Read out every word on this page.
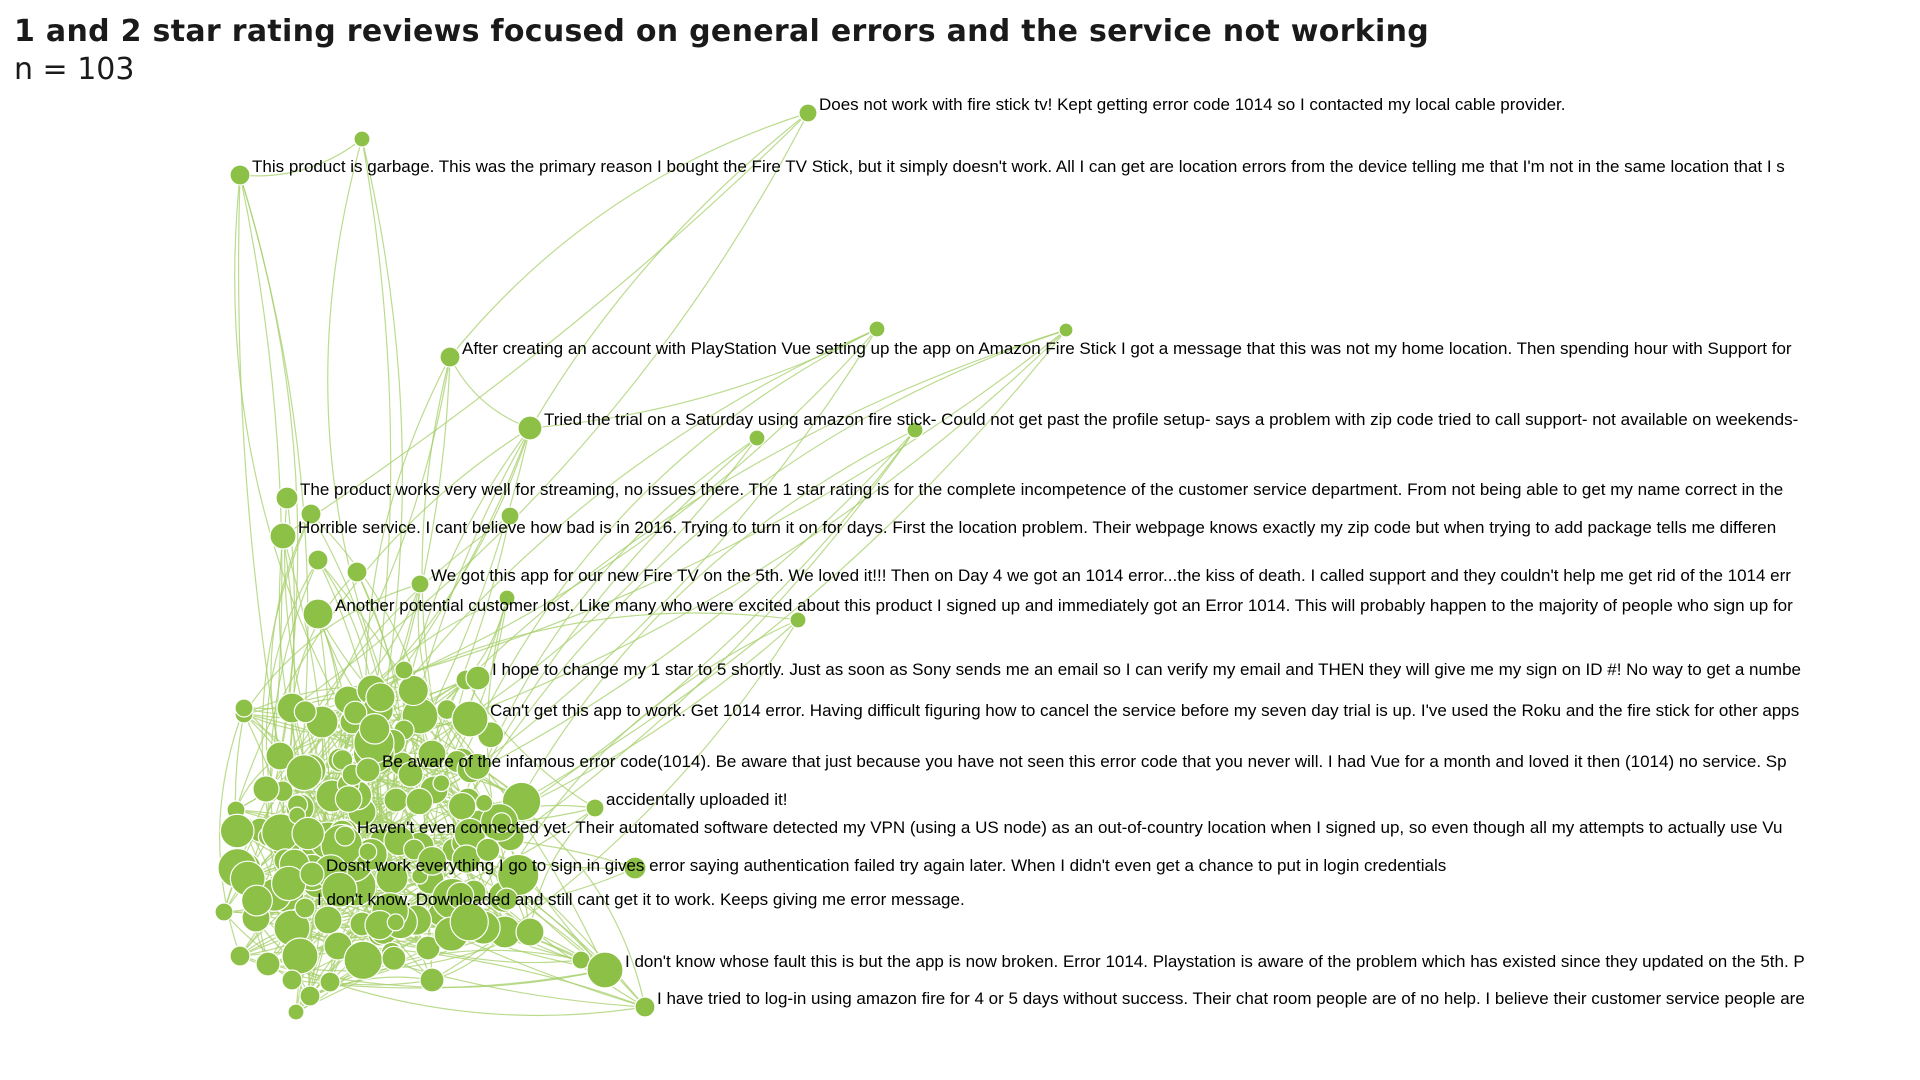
1 and 2 star rating reviews focused on general errors and the service not working
n = 103
Does not work with fire stick tv! Kept getting error code 1014 so I contacted my local cable provider.
This product is garbage. This was the primary reason I bought the Fire TV Stick, but it simply doesn't work. All I can get are location errors from the device telling me that I'm not in the same location that I s
After creating an account with PlayStation Vue setting up the app on Amazon Fire Stick I got a message that this was not my home location. Then spending hour with Support for
Tried the trial on a Saturday using amazon fire stick- Could not get past the profile setup- says a problem with zip code tried to call support- not available on weekends-
The product works very well for streaming, no issues there. The 1 star rating is for the complete incompetence of the customer service department. From not being able to get my name correct in the
Horrible service. I cant believe how bad is in 2016. Trying to turn it on for days. First the location problem. Their webpage knows exactly my zip code but when trying to add package tells me differen
We got this app for our new Fire TV on the 5th. We loved it!!! Then on Day 4 we got an 1014 error...the kiss of death. I called support and they couldn't help me get rid of the 1014 err
Another potential customer lost. Like many who were excited about this product I signed up and immediately got an Error 1014. This will probably happen to the majority of people who sign up for
I hope to change my 1 star to 5 shortly. Just as soon as Sony sends me an email so I can verify my email and THEN they will give me my sign on ID #! No way to get a numbe
Can't get this app to work. Get 1014 error. Having difficult figuring how to cancel the service before my seven day trial is up. I've used the Roku and the fire stick for other apps
Be aware of the infamous error code(1014). Be aware that just because you have not seen this error code that you never will. I had Vue for a month and loved it then (1014) no service. Sp
accidentally uploaded it!
Haven't even connected yet. Their automated software detected my VPN (using a US node) as an out-of-country location when I signed up, so even though all my attempts to actually use Vu
Dosnt work everything I go to sign in gives error saying authentication failed try again later. When I didn't even get a chance to put in login credentials
I don't know. Downloaded and still cant get it to work. Keeps giving me error message.
I don't know whose fault this is but the app is now broken. Error 1014. Playstation is aware of the problem which has existed since they updated on the 5th. P
I have tried to log-in using amazon fire for 4 or 5 days without success. Their chat room people are of no help. I believe their customer service people are
